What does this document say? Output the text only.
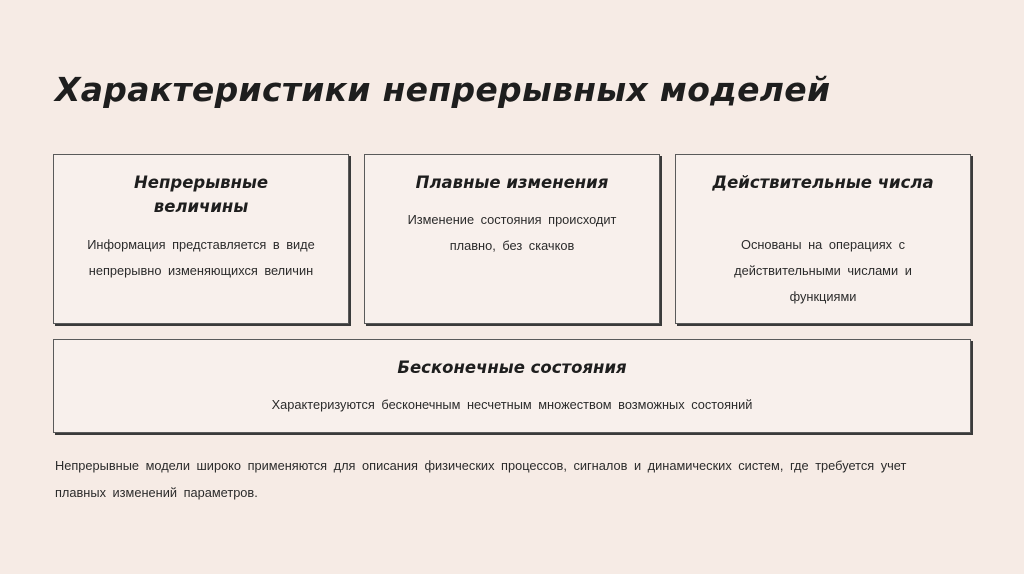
Характеристики непрерывных моделей

Непрерывные величины

Информация представляется в виде непрерывно изменяющихся величин

Плавные изменения

Изменение состояния происходит плавно, без скачков

Действительные числа

Основаны на операциях с действительными числами и функциями

Бесконечные состояния

Характеризуются бесконечным несчетным множеством возможных состояний

Непрерывные модели широко применяются для описания физических процессов, сигналов и динамических систем, где требуется учет плавных изменений параметров.
